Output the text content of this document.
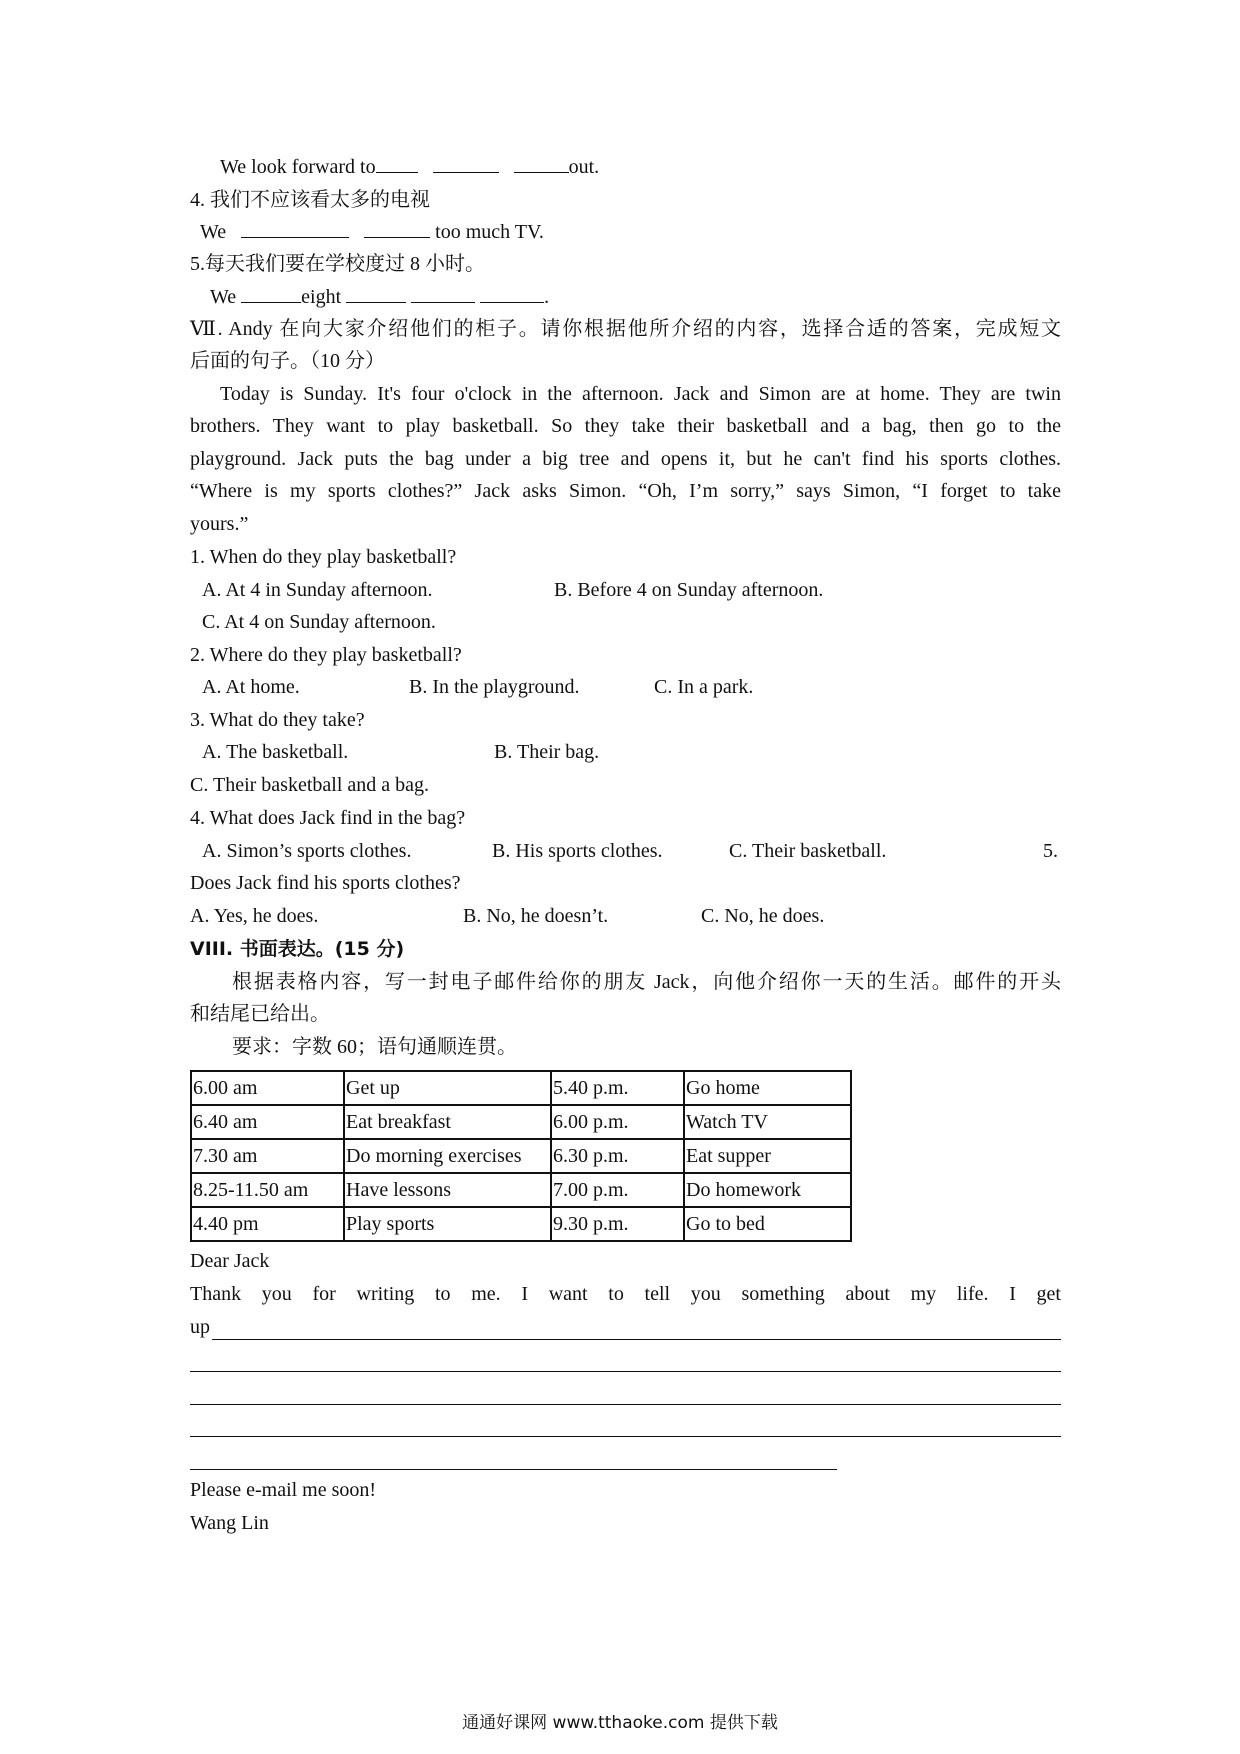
We look forward to	out.
4. 我们不应该看太多的电视
We	too much TV.
5.每天我们要在学校度过 8 小时。
We	eight	.
Ⅶ. Andy 在向大家介绍他们的柜子。请你根据他所介绍的内容，选择合适的答案，完成短文
后面的句子。（10 分）
Today is Sunday. It's four o'clock in the afternoon. Jack and Simon are at home. They are twin
brothers. They want to play basketball. So they take their basketball and a bag, then go to the
playground. Jack puts the bag under a big tree and opens it, but he can't find his sports clothes.
“Where is my sports clothes?” Jack asks Simon. “Oh, I’m sorry,” says Simon, “I forget to take
yours.”
1. When do they play basketball?
A. At 4 in Sunday afternoon.	B. Before 4 on Sunday afternoon.
C. At 4 on Sunday afternoon.
2. Where do they play basketball?
A. At home.	B. In the playground.	C. In a park.
3. What do they take?
A. The basketball.	B. Their bag.
C. Their basketball and a bag.
4. What does Jack find in the bag?
A. Simon’s sports clothes.	B. His sports clothes.	C. Their basketball.	5.
Does Jack find his sports clothes?
A. Yes, he does.	B. No, he doesn’t.	C. No, he does.
VIII. 书面表达。(15 分)
根据表格内容，写一封电子邮件给你的朋友 Jack，向他介绍你一天的生活。邮件的开头
和结尾已给出。
要求：字数 60；语句通顺连贯。
6.00 am	Get up	5.40 p.m.	Go home
6.40 am	Eat breakfast	6.00 p.m.	Watch TV
7.30 am	Do morning exercises	6.30 p.m.	Eat supper
8.25-11.50 am	Have lessons	7.00 p.m.	Do homework
4.40 pm	Play sports	9.30 p.m.	Go to bed
Dear Jack
Thank you for writing to me. I want to tell you something about my life. I get
up
Please e-mail me soon!
Wang Lin
通通好课网 www.tthaoke.com 提供下载
